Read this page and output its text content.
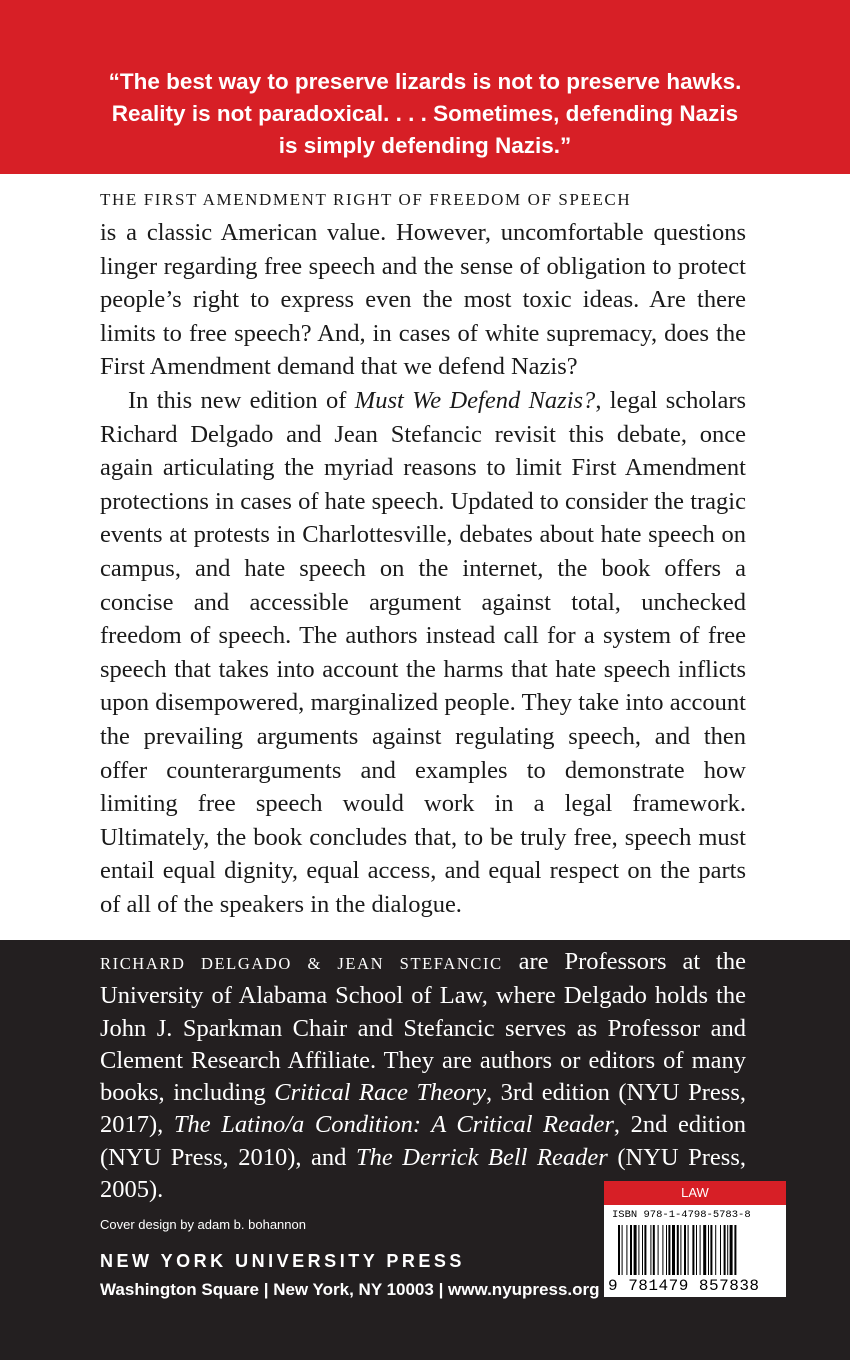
“The best way to preserve lizards is not to preserve hawks.
Reality is not paradoxical. . . . Sometimes, defending Nazis
is simply defending Nazis.”
THE FIRST AMENDMENT RIGHT OF FREEDOM OF SPEECH

is a classic American value. However, uncomfortable questions linger regarding free speech and the sense of obligation to protect people’s right to express even the most toxic ideas. Are there limits to free speech? And, in cases of white supremacy, does the First Amendment demand that we defend Nazis?

In this new edition of Must We Defend Nazis?, legal scholars Richard Delgado and Jean Stefancic revisit this debate, once again articulating the myriad reasons to limit First Amendment protections in cases of hate speech. Updated to consider the tragic events at protests in Charlottesville, debates about hate speech on campus, and hate speech on the internet, the book offers a concise and accessible argument against total, unchecked freedom of speech. The authors instead call for a system of free speech that takes into account the harms that hate speech inflicts upon disempowered, marginalized people. They take into account the prevailing arguments against regulating speech, and then offer counterarguments and examples to demonstrate how limiting free speech would work in a legal framework. Ultimately, the book concludes that, to be truly free, speech must entail equal dignity, equal access, and equal respect on the parts of all of the speakers in the dialogue.

RICHARD DELGADO & JEAN STEFANCIC are Professors at the University of Alabama School of Law, where Delgado holds the John J. Sparkman Chair and Stefancic serves as Professor and Clement Research Affiliate. They are authors or editors of many books, including Critical Race Theory, 3rd edition (NYU Press, 2017), The Latino/a Condition: A Critical Reader, 2nd edition (NYU Press, 2010), and The Derrick Bell Reader (NYU Press, 2005).
Cover design by adam b. bohannon
NEW YORK UNIVERSITY PRESS
Washington Square | New York, NY 10003 | www.nyupress.org
LAW
ISBN 978-1-4798-5783-8
9 781479 857838
